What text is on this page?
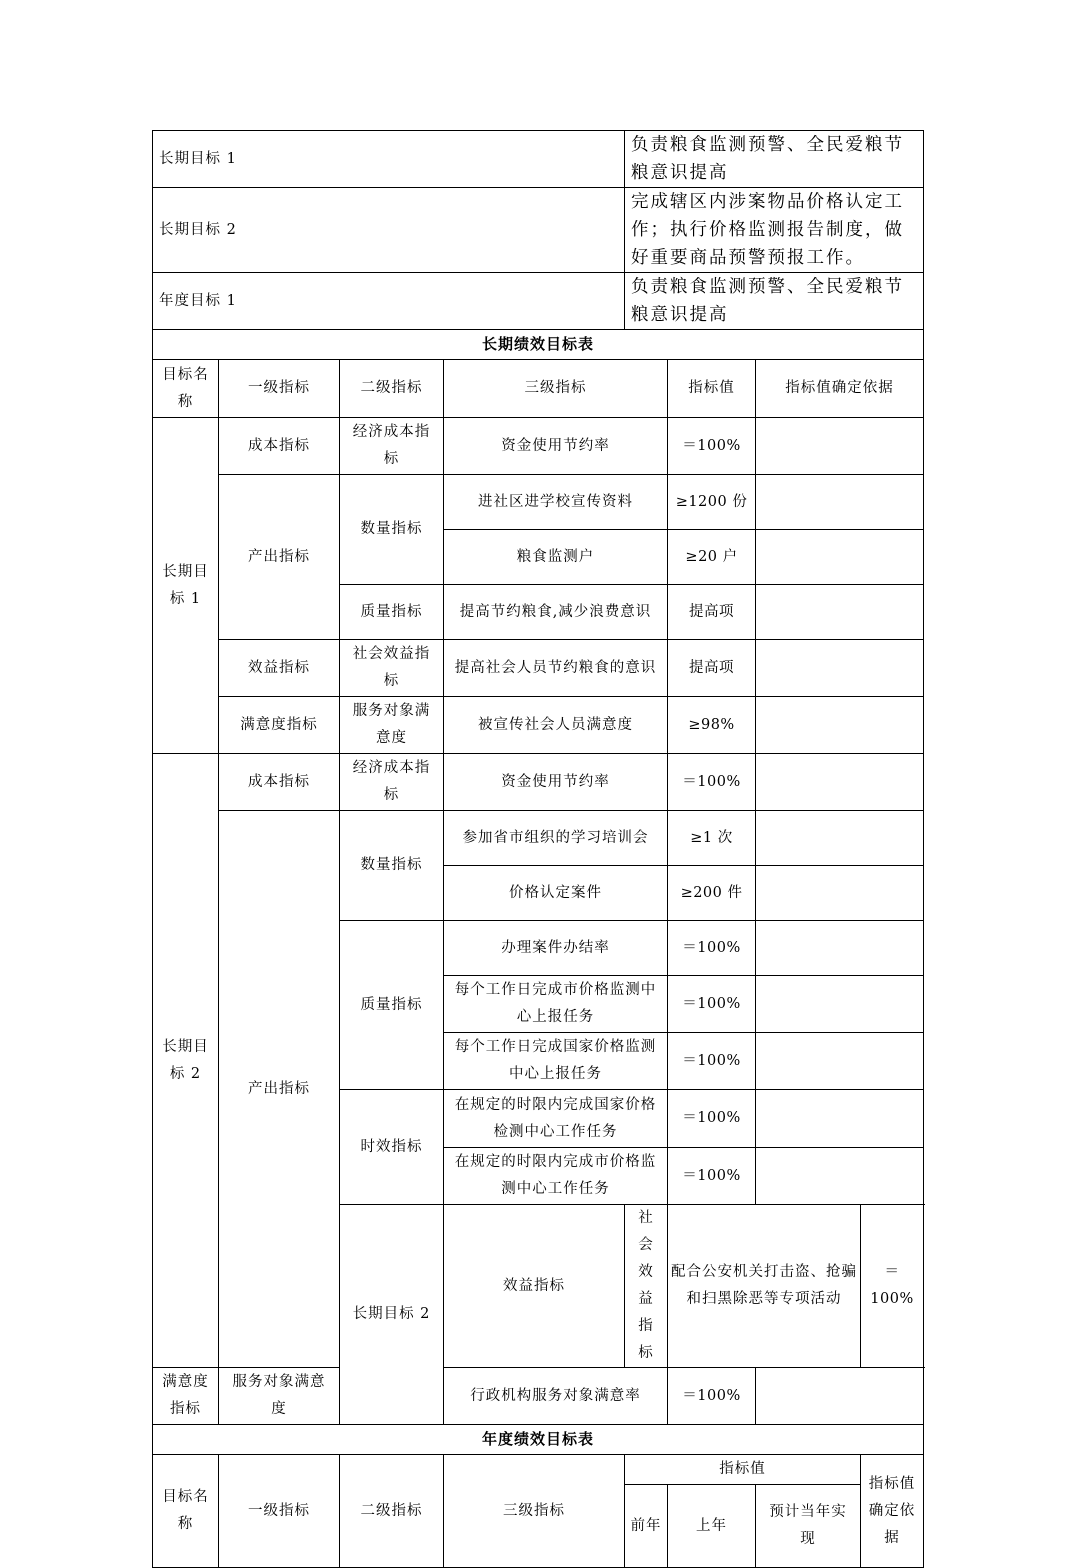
长期目标 1				负责粮食监测预警、全民爱粮节粮意识提高				
长期目标 2				完成辖区内涉案物品价格认定工作；执行价格监测报告制度，做好重要商品预警预报工作。				
年度目标 1				负责粮食监测预警、全民爱粮节粮意识提高				
长期绩效目标表								
目标名称	一级指标	二级指标	三级指标		指标值	指标值确定依据		
长期目标 1	成本指标	经济成本指标	资金使用节约率		＝100%			
	产出指标	数量指标	进社区进学校宣传资料		≥1200 份			
			粮食监测户		≥20 户			
		质量指标	提高节约粮食,减少浪费意识		提高项			
	效益指标	社会效益指标	提高社会人员节约粮食的意识		提高项			
	满意度指标	服务对象满意度	被宣传社会人员满意度		≥98%			
长期目标 2	成本指标	经济成本指标	资金使用节约率		＝100%			
	产出指标	数量指标	参加省市组织的学习培训会		≥1 次			
			价格认定案件		≥200 件			
		质量指标	办理案件办结率		＝100%			
			每个工作日完成市价格监测中心上报任务		＝100%			
			每个工作日完成国家价格监测中心上报任务		＝100%			
		时效指标	在规定的时限内完成国家价格检测中心工作任务		＝100%			
			在规定的时限内完成市价格监测中心工作任务		＝100%			
		长期目标 2	效益指标	社会效益指标	配合公安机关打击盗、抢骗和扫黑除恶等专项活动		＝100%	
满意度指标	服务对象满意度		行政机构服务对象满意率		＝100%			
年度绩效目标表								
目标名称	一级指标	二级指标	三级指标	指标值			指标值确定依据	
				前年	上年	预计当年实现		
